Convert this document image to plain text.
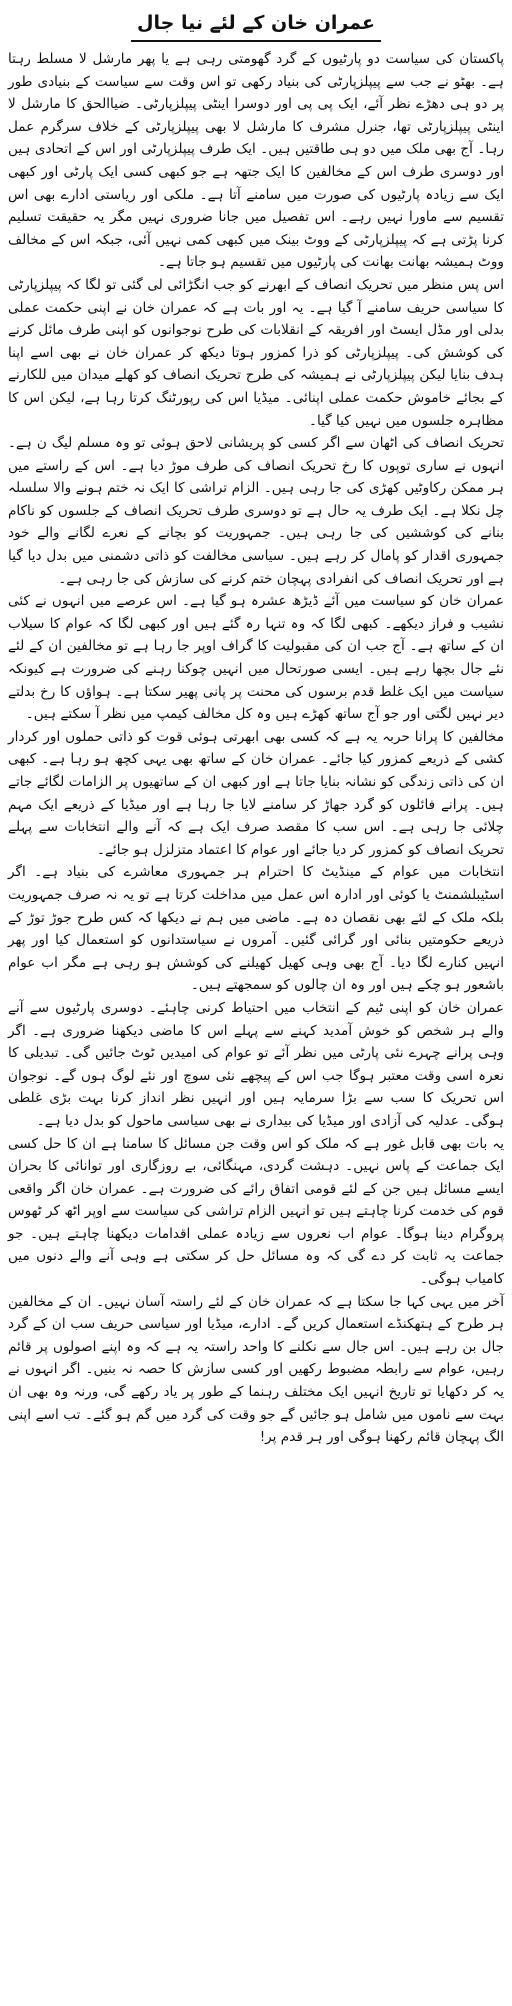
عمران خان کے لئے نیا جال

پاکستان کی سیاست دو پارٹیوں کے گرد گھومتی رہی ہے یا پھر مارشل لا مسلط رہتا ہے۔ بھٹو نے جب سے پیپلزپارٹی کی بنیاد رکھی تو اس وقت سے سیاست کے بنیادی طور پر دو ہی دھڑے نظر آئے، ایک پی پی اور دوسرا اینٹی پیپلزپارٹی۔ ضیاالحق کا مارشل لا اینٹی پیپلزپارٹی تھا، جنرل مشرف کا مارشل لا بھی پیپلزپارٹی کے خلاف سرگرم عمل رہا۔ آج بھی ملک میں دو ہی طاقتیں ہیں۔ ایک طرف پیپلزپارٹی اور اس کے اتحادی ہیں اور دوسری طرف اس کے مخالفین کا ایک جتھہ ہے جو کبھی کسی ایک پارٹی اور کبھی ایک سے زیادہ پارٹیوں کی صورت میں سامنے آتا ہے۔ ملکی اور ریاستی ادارے بھی اس تقسیم سے ماورا نہیں رہے۔ اس تفصیل میں جانا ضروری نہیں مگر یہ حقیقت تسلیم کرنا پڑتی ہے کہ پیپلزپارٹی کے ووٹ بینک میں کبھی کمی نہیں آئی، جبکہ اس کے مخالف ووٹ ہمیشہ بھانت بھانت کی پارٹیوں میں تقسیم ہو جاتا ہے۔

اس پس منظر میں تحریک انصاف کے ابھرنے کو جب انگڑائی لی گئی تو لگا کہ پیپلزپارٹی کا سیاسی حریف سامنے آ گیا ہے۔ یہ اور بات ہے کہ عمران خان نے اپنی حکمت عملی بدلی اور مڈل ایسٹ اور افریقہ کے انقلابات کی طرح نوجوانوں کو اپنی طرف مائل کرنے کی کوشش کی۔ پیپلزپارٹی کو ذرا کمزور ہوتا دیکھ کر عمران خان نے بھی اسے اپنا ہدف بنایا لیکن پیپلزپارٹی نے ہمیشہ کی طرح تحریک انصاف کو کھلے میدان میں للکارنے کے بجائے خاموش حکمت عملی اپنائی۔ میڈیا اس کی رپورٹنگ کرتا رہا ہے، لیکن اس کا مظاہرہ جلسوں میں نہیں کیا گیا۔

تحریک انصاف کی اٹھان سے اگر کسی کو پریشانی لاحق ہوئی تو وہ مسلم لیگ ن ہے۔ انہوں نے ساری توپوں کا رخ تحریک انصاف کی طرف موڑ دیا ہے۔ اس کے راستے میں ہر ممکن رکاوٹیں کھڑی کی جا رہی ہیں۔ الزام تراشی کا ایک نہ ختم ہونے والا سلسلہ چل نکلا ہے۔ ایک طرف یہ حال ہے تو دوسری طرف تحریک انصاف کے جلسوں کو ناکام بنانے کی کوششیں کی جا رہی ہیں۔ جمہوریت کو بچانے کے نعرے لگانے والے خود جمہوری اقدار کو پامال کر رہے ہیں۔ سیاسی مخالفت کو ذاتی دشمنی میں بدل دیا گیا ہے اور تحریک انصاف کی انفرادی پہچان ختم کرنے کی سازش کی جا رہی ہے۔

عمران خان کو سیاست میں آئے ڈیڑھ عشرہ ہو گیا ہے۔ اس عرصے میں انہوں نے کئی نشیب و فراز دیکھے۔ کبھی لگا کہ وہ تنہا رہ گئے ہیں اور کبھی لگا کہ عوام کا سیلاب ان کے ساتھ ہے۔ آج جب ان کی مقبولیت کا گراف اوپر جا رہا ہے تو مخالفین ان کے لئے نئے جال بچھا رہے ہیں۔ ایسی صورتحال میں انہیں چوکنا رہنے کی ضرورت ہے کیونکہ سیاست میں ایک غلط قدم برسوں کی محنت پر پانی پھیر سکتا ہے۔ ہواؤں کا رخ بدلتے دیر نہیں لگتی اور جو آج ساتھ کھڑے ہیں وہ کل مخالف کیمپ میں نظر آ سکتے ہیں۔

مخالفین کا پرانا حربہ یہ ہے کہ کسی بھی ابھرتی ہوئی قوت کو ذاتی حملوں اور کردار کشی کے ذریعے کمزور کیا جائے۔ عمران خان کے ساتھ بھی یہی کچھ ہو رہا ہے۔ کبھی ان کی ذاتی زندگی کو نشانہ بنایا جاتا ہے اور کبھی ان کے ساتھیوں پر الزامات لگائے جاتے ہیں۔ پرانے فائلوں کو گرد جھاڑ کر سامنے لایا جا رہا ہے اور میڈیا کے ذریعے ایک مہم چلائی جا رہی ہے۔ اس سب کا مقصد صرف ایک ہے کہ آنے والے انتخابات سے پہلے تحریک انصاف کو کمزور کر دیا جائے اور عوام کا اعتماد متزلزل ہو جائے۔

انتخابات میں عوام کے مینڈیٹ کا احترام ہر جمہوری معاشرے کی بنیاد ہے۔ اگر اسٹیبلشمنٹ یا کوئی اور ادارہ اس عمل میں مداخلت کرتا ہے تو یہ نہ صرف جمہوریت بلکہ ملک کے لئے بھی نقصان دہ ہے۔ ماضی میں ہم نے دیکھا کہ کس طرح جوڑ توڑ کے ذریعے حکومتیں بنائی اور گرائی گئیں۔ آمروں نے سیاستدانوں کو استعمال کیا اور پھر انہیں کنارے لگا دیا۔ آج بھی وہی کھیل کھیلنے کی کوشش ہو رہی ہے مگر اب عوام باشعور ہو چکے ہیں اور وہ ان چالوں کو سمجھتے ہیں۔

عمران خان کو اپنی ٹیم کے انتخاب میں احتیاط کرنی چاہئے۔ دوسری پارٹیوں سے آنے والے ہر شخص کو خوش آمدید کہنے سے پہلے اس کا ماضی دیکھنا ضروری ہے۔ اگر وہی پرانے چہرے نئی پارٹی میں نظر آئے تو عوام کی امیدیں ٹوٹ جائیں گی۔ تبدیلی کا نعرہ اسی وقت معتبر ہوگا جب اس کے پیچھے نئی سوچ اور نئے لوگ ہوں گے۔ نوجوان اس تحریک کا سب سے بڑا سرمایہ ہیں اور انہیں نظر انداز کرنا بہت بڑی غلطی ہوگی۔ عدلیہ کی آزادی اور میڈیا کی بیداری نے بھی سیاسی ماحول کو بدل دیا ہے۔

یہ بات بھی قابل غور ہے کہ ملک کو اس وقت جن مسائل کا سامنا ہے ان کا حل کسی ایک جماعت کے پاس نہیں۔ دہشت گردی، مہنگائی، بے روزگاری اور توانائی کا بحران ایسے مسائل ہیں جن کے لئے قومی اتفاق رائے کی ضرورت ہے۔ عمران خان اگر واقعی قوم کی خدمت کرنا چاہتے ہیں تو انہیں الزام تراشی کی سیاست سے اوپر اٹھ کر ٹھوس پروگرام دینا ہوگا۔ عوام اب نعروں سے زیادہ عملی اقدامات دیکھنا چاہتے ہیں۔ جو جماعت یہ ثابت کر دے گی کہ وہ مسائل حل کر سکتی ہے وہی آنے والے دنوں میں کامیاب ہوگی۔

آخر میں یہی کہا جا سکتا ہے کہ عمران خان کے لئے راستہ آسان نہیں۔ ان کے مخالفین ہر طرح کے ہتھکنڈے استعمال کریں گے۔ ادارے، میڈیا اور سیاسی حریف سب ان کے گرد جال بن رہے ہیں۔ اس جال سے نکلنے کا واحد راستہ یہ ہے کہ وہ اپنے اصولوں پر قائم رہیں، عوام سے رابطہ مضبوط رکھیں اور کسی سازش کا حصہ نہ بنیں۔ اگر انہوں نے یہ کر دکھایا تو تاریخ انہیں ایک مختلف رہنما کے طور پر یاد رکھے گی، ورنہ وہ بھی ان بہت سے ناموں میں شامل ہو جائیں گے جو وقت کی گرد میں گم ہو گئے۔ تب اسے اپنی الگ پہچان قائم رکھنا ہوگی اور ہر قدم پر!
